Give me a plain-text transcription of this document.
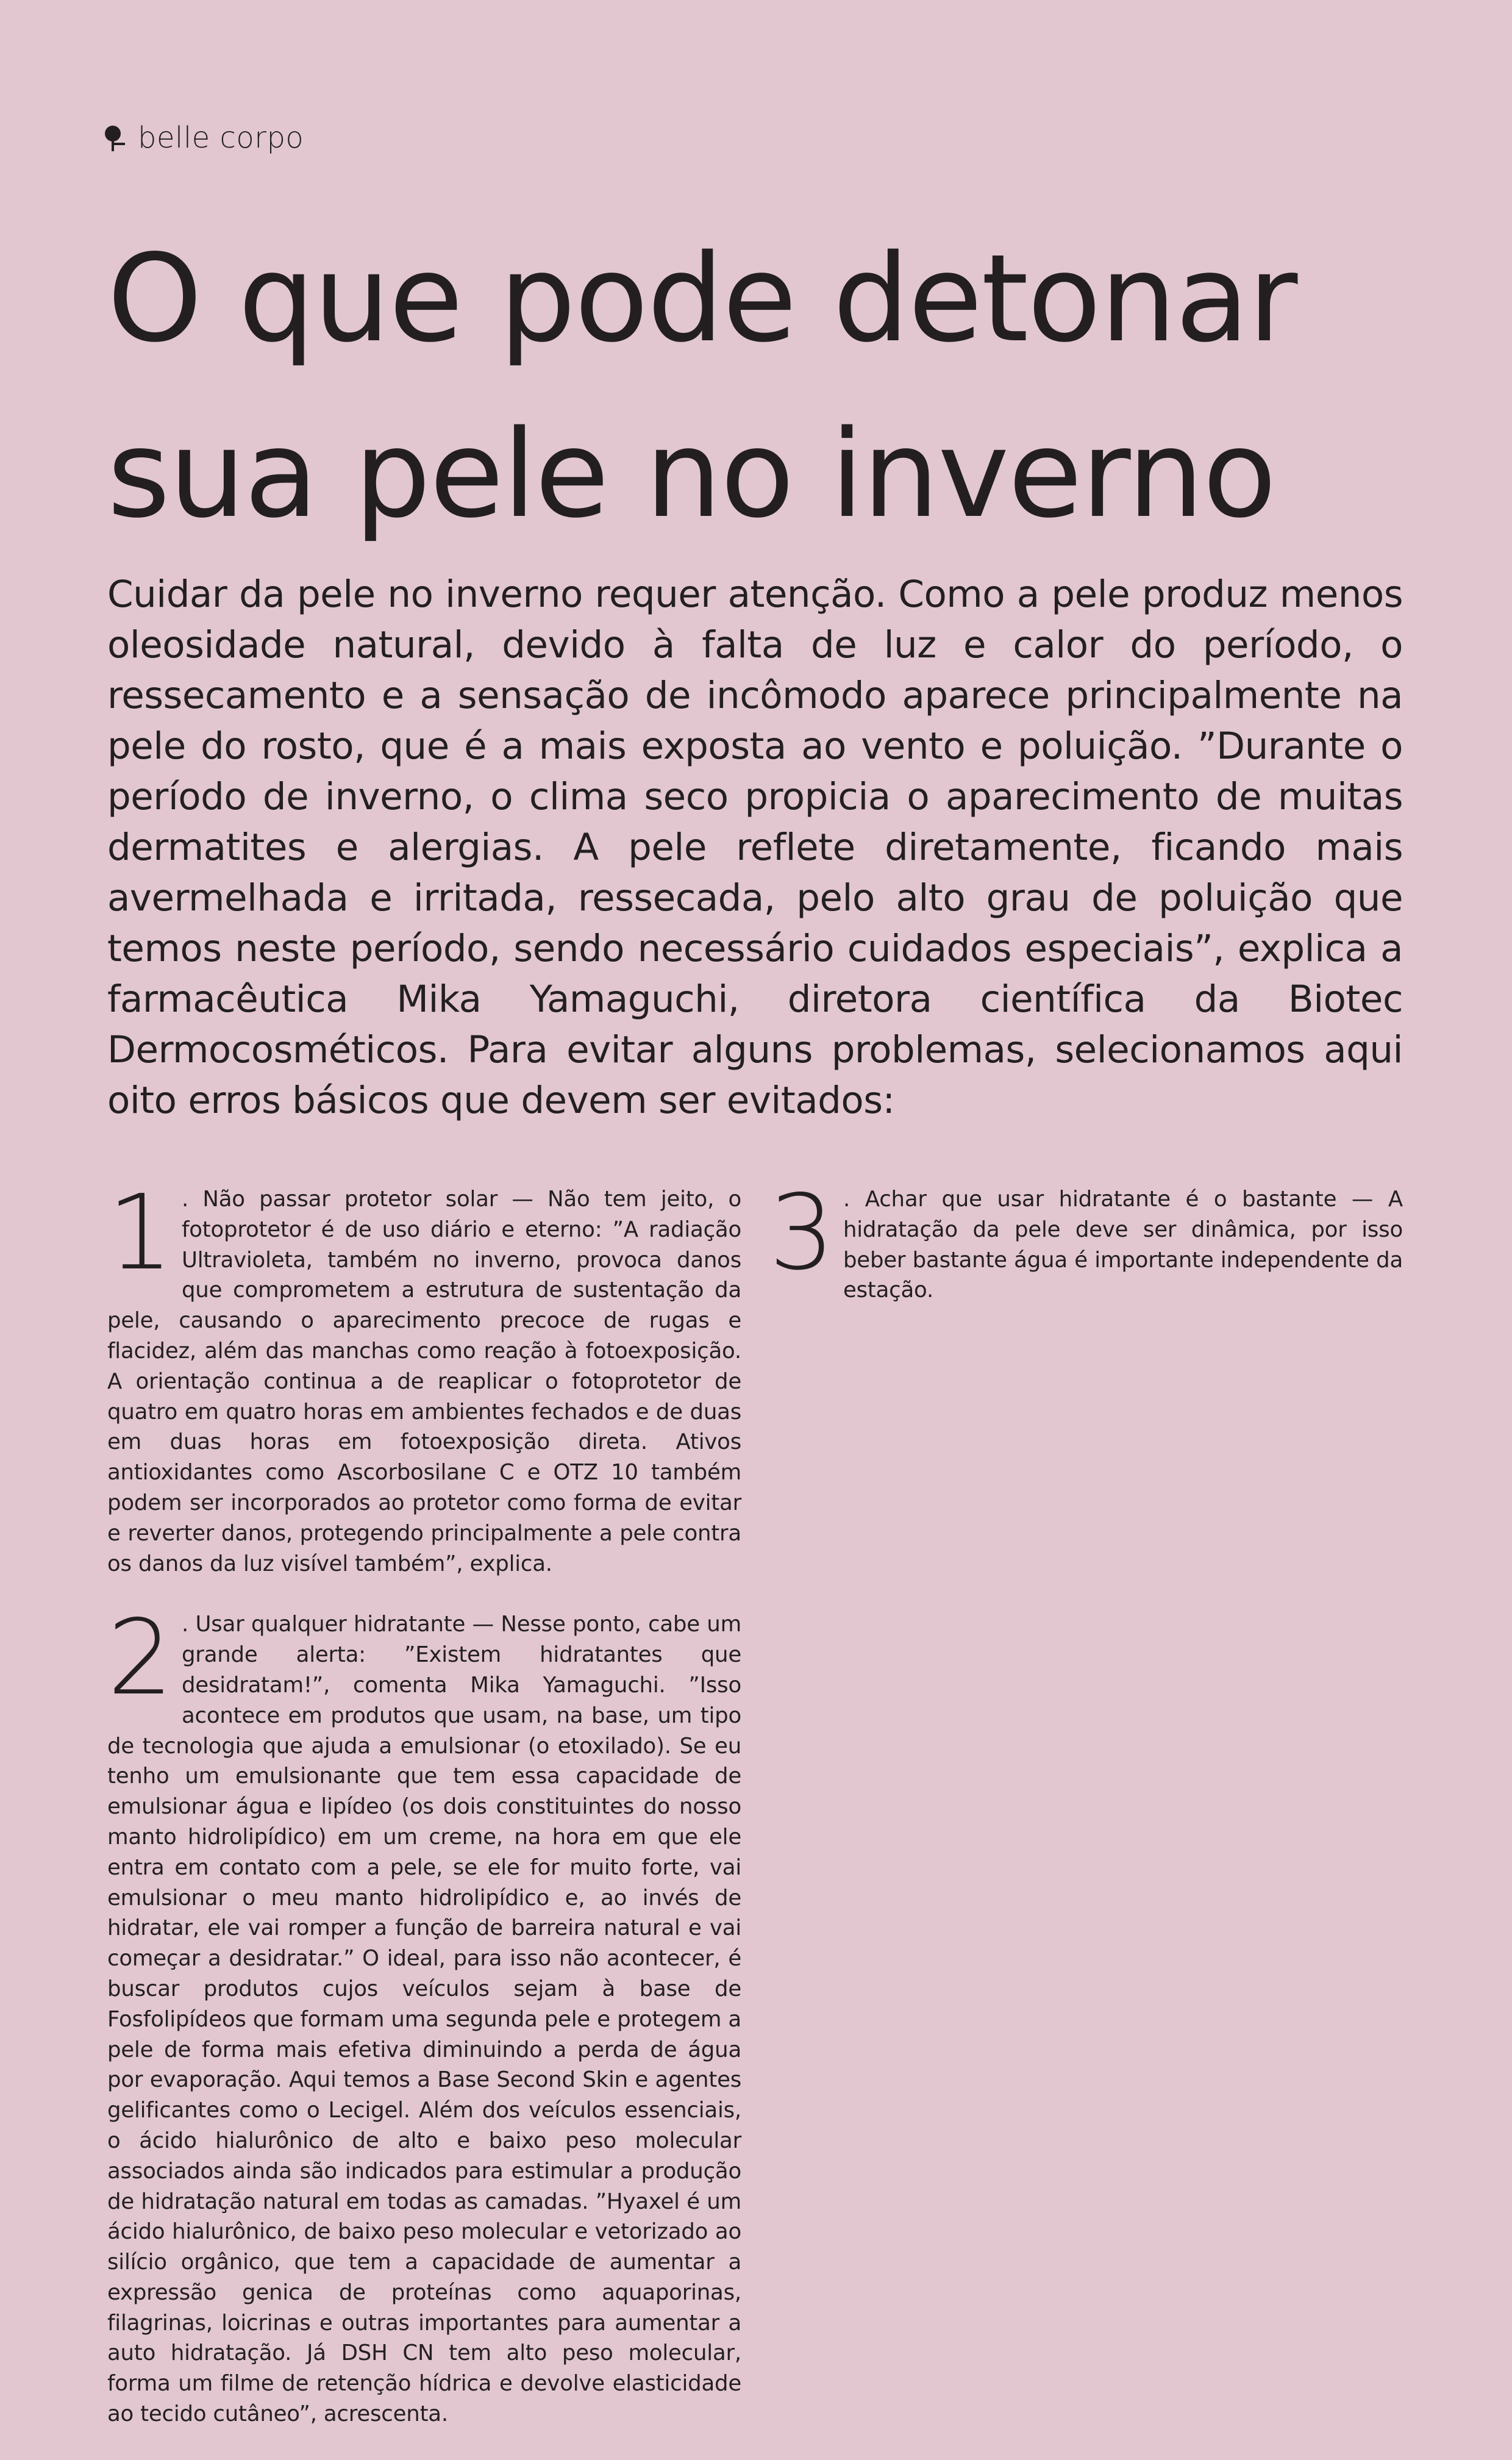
belle corpo
O que pode detonar
sua pele no inverno

Cuidar da pele no inverno requer atenção. Como a pele produz menos oleosidade natural, devido à falta de luz e calor do período, o ressecamento e a sensação de incômodo aparece principalmente na pele do rosto, que é a mais exposta ao vento e poluição. ”Durante o período de inverno, o clima seco propicia o aparecimento de muitas dermatites e alergias. A pele reflete diretamente, ficando mais avermelhada e irritada, ressecada, pelo alto grau de poluição que temos neste período, sendo necessário cuidados especiais”, explica a farmacêutica Mika Yamaguchi, diretora científica da Biotec Dermocosméticos. Para evitar alguns problemas, selecionamos aqui oito erros básicos que devem ser evitados:

1 . Não passar protetor solar — Não tem jeito, o fotoprotetor é de uso diário e eterno: ”A radiação Ultravioleta, também no inverno, provoca danos que comprometem a estrutura de sustentação da pele, causando o aparecimento precoce de rugas e flacidez, além das manchas como reação à fotoexposição. A orientação continua a de reaplicar o fotoprotetor de quatro em quatro horas em ambientes fechados e de duas em duas horas em fotoexposição direta. Ativos antioxidantes como Ascorbosilane C e OTZ 10 também podem ser incorporados ao protetor como forma de evitar e reverter danos, protegendo principalmente a pele contra os danos da luz visível também”, explica.

2 . Usar qualquer hidratante — Nesse ponto, cabe um grande alerta: ”Existem hidratantes que desidratam!”, comenta Mika Yamaguchi. ”Isso acontece em produtos que usam, na base, um tipo de tecnologia que ajuda a emulsionar (o etoxilado). Se eu tenho um emulsionante que tem essa capacidade de emulsionar água e lipídeo (os dois constituintes do nosso manto hidrolipídico) em um creme, na hora em que ele entra em contato com a pele, se ele for muito forte, vai emulsionar o meu manto hidrolipídico e, ao invés de hidratar, ele vai romper a função de barreira natural e vai começar a desidratar.” O ideal, para isso não acontecer, é buscar produtos cujos veículos sejam à base de Fosfolipídeos que formam uma segunda pele e protegem a pele de forma mais efetiva diminuindo a perda de água por evaporação. Aqui temos a Base Second Skin e agentes gelificantes como o Lecigel. Além dos veículos essenciais, o ácido hialurônico de alto e baixo peso molecular associados ainda são indicados para estimular a produção de hidratação natural em todas as camadas. ”Hyaxel é um ácido hialurônico, de baixo peso molecular e vetorizado ao silício orgânico, que tem a capacidade de aumentar a expressão genica de proteínas como aquaporinas, filagrinas, loicrinas e outras importantes para aumentar a auto hidratação. Já DSH CN tem alto peso molecular, forma um filme de retenção hídrica e devolve elasticidade ao tecido cutâneo”, acrescenta.

3 . Achar que usar hidratante é o bastante — A hidratação da pele deve ser dinâmica, por isso beber bastante água é importante independente da estação.
